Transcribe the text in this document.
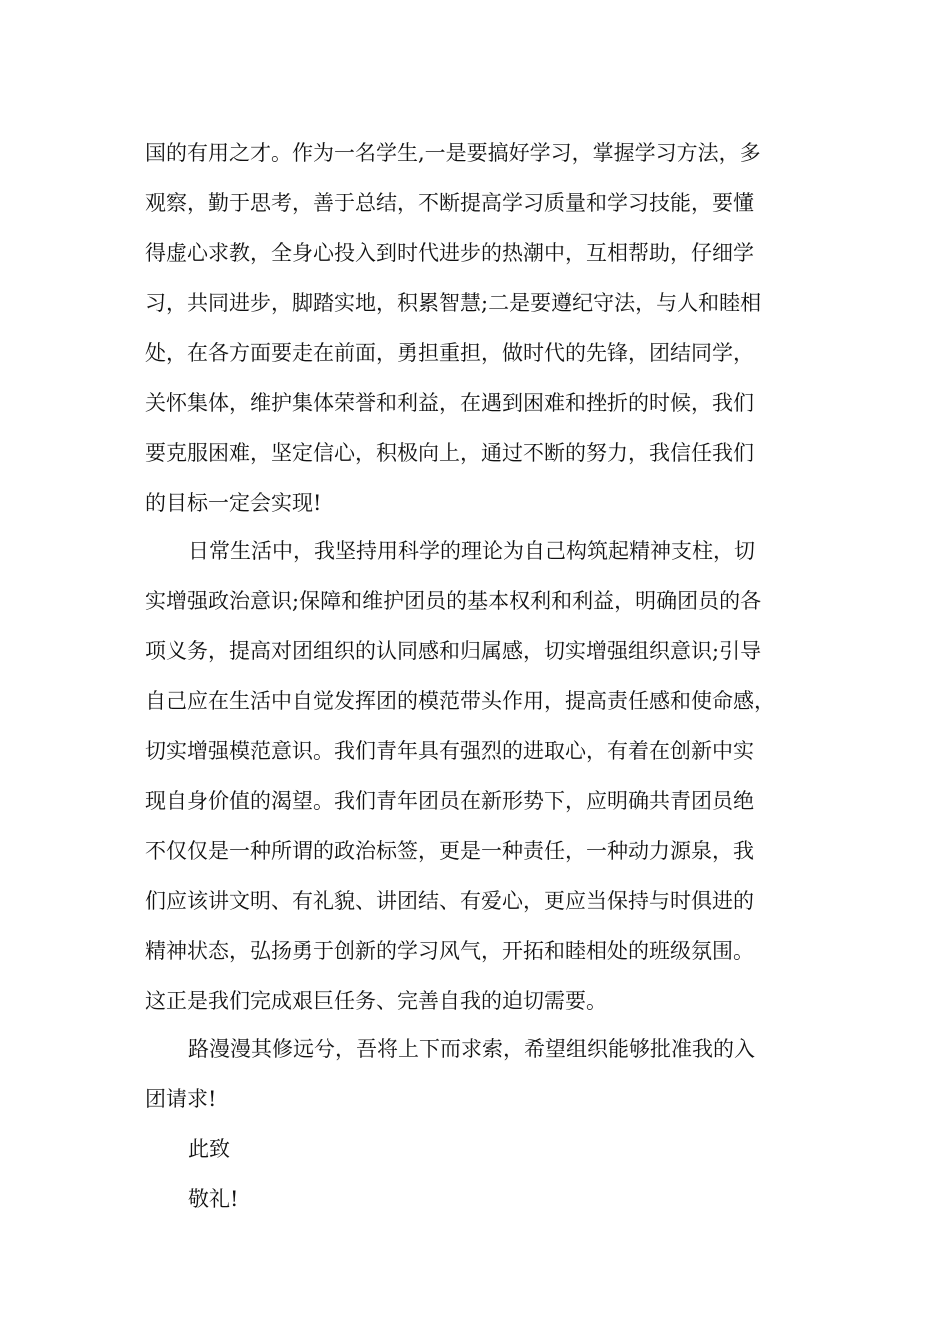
国的有用之才。作为一名学生,一是要搞好学习，掌握学习方法，多
观察，勤于思考，善于总结，不断提高学习质量和学习技能，要懂
得虚心求教，全身心投入到时代进步的热潮中，互相帮助，仔细学
习，共同进步，脚踏实地，积累智慧;二是要遵纪守法，与人和睦相
处，在各方面要走在前面，勇担重担，做时代的先锋，团结同学，
关怀集体，维护集体荣誉和利益，在遇到困难和挫折的时候，我们
要克服困难，坚定信心，积极向上，通过不断的努力，我信任我们
的目标一定会实现!
日常生活中，我坚持用科学的理论为自己构筑起精神支柱，切
实增强政治意识;保障和维护团员的基本权利和利益，明确团员的各
项义务，提高对团组织的认同感和归属感，切实增强组织意识;引导
自己应在生活中自觉发挥团的模范带头作用，提高责任感和使命感，
切实增强模范意识。我们青年具有强烈的进取心，有着在创新中实
现自身价值的渴望。我们青年团员在新形势下，应明确共青团员绝
不仅仅是一种所谓的政治标签，更是一种责任，一种动力源泉，我
们应该讲文明、有礼貌、讲团结、有爱心，更应当保持与时俱进的
精神状态，弘扬勇于创新的学习风气，开拓和睦相处的班级氛围。
这正是我们完成艰巨任务、完善自我的迫切需要。
路漫漫其修远兮，吾将上下而求索，希望组织能够批准我的入
团请求!
此致
敬礼!
